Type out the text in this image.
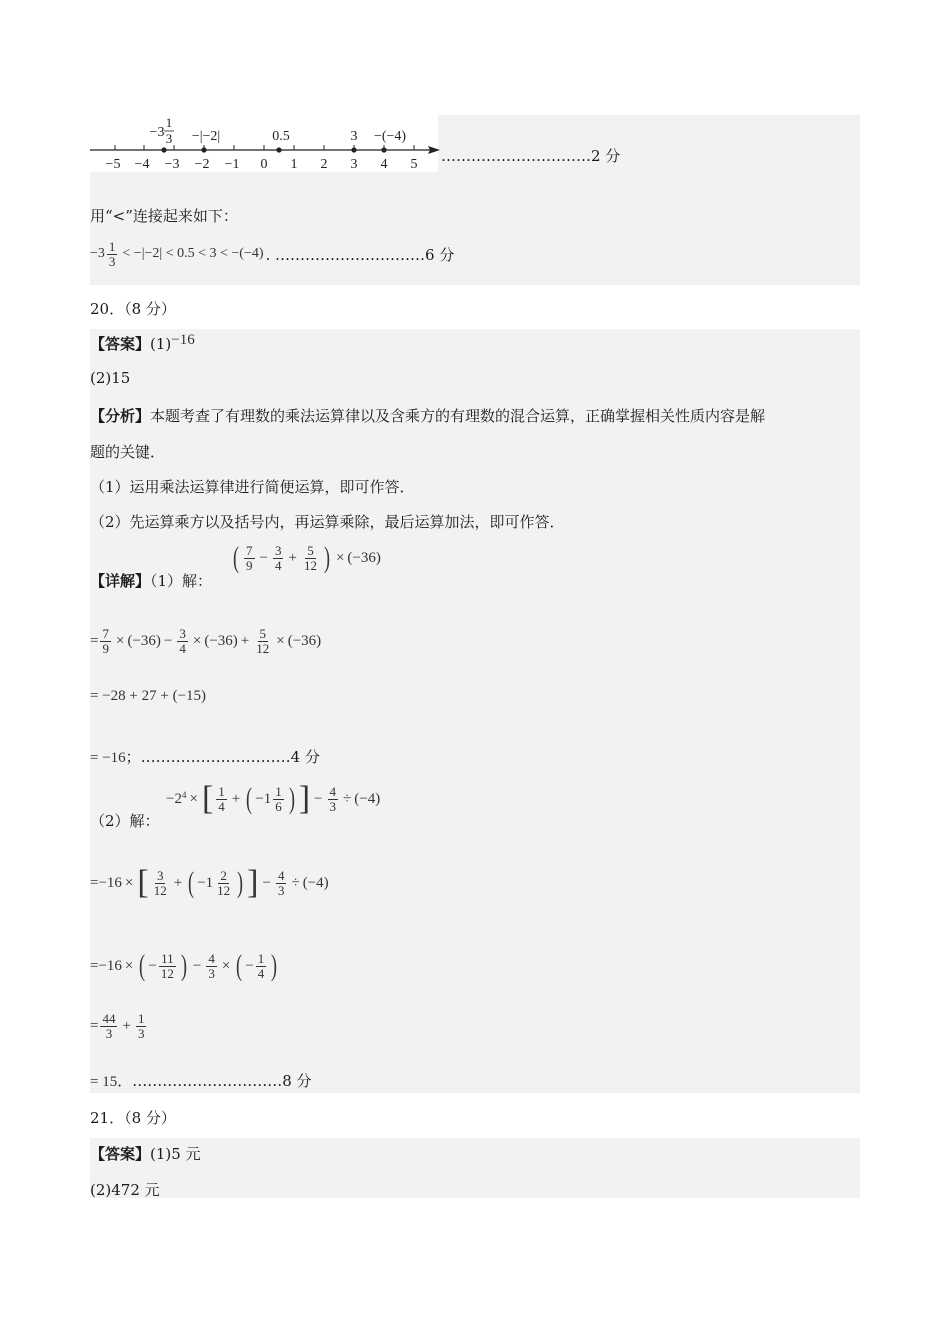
−5 −4 −3 −2 −1 0 1 2 3 4 5
−3
1
3 −|−2|	0.5	3 −(−4)
…………………………2 分
用“<”连接起来如下：
$-3 \frac{1}{3} < -|-2| < 0.5 < 3 < -(-4)$ . …………………………6 分
20．（8 分）
【答案】(1)−16
(2)15
【分析】本题考查了有理数的乘法运算律以及含乘方的有理数的混合运算，正确掌握相关性质内容是解
题的关键．
（1）运用乘法运算律进行简便运算，即可作答．
（2）先运算乘方以及括号内，再运算乘除，最后运算加法，即可作答．
【详解】（1）解：
( $\frac{7}{9} - \frac{3}{4} + \frac{5}{12}$ ) × (−36)
= $\frac{7}{9} \times (-36) - \frac{3}{4} \times (-36) + \frac{5}{12} \times (-36)$
= −28 + 27 + (−15)
= −16；…………………………4 分
（2）解：
$-2^4$ × [ $\frac{1}{4}$ + ( $-1 \frac{1}{6}$ ) ] − $\frac{4}{3} \div (-4)$
=−16 × [ $\frac{3}{12}$ + ( $-1 \frac{2}{12}$ ) ] − $\frac{4}{3} \div (-4)$
=−16 × ( − $\frac{11}{12}$ ) − $\frac{4}{3}$ × ( − $\frac{1}{4}$ )
= $\frac{44}{3} + \frac{1}{3}$
= 15．…………………………8 分
21．（8 分）
【答案】(1)5 元
(2)472 元
